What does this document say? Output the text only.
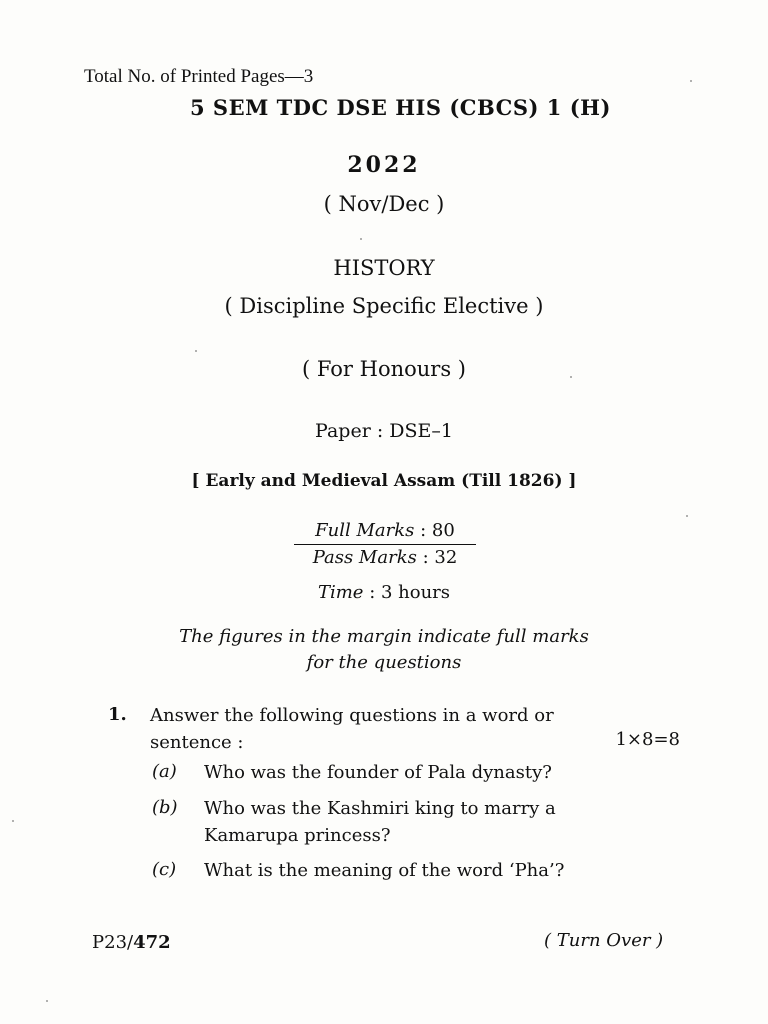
Total No. of Printed Pages—3
5 SEM TDC DSE HIS (CBCS) 1 (H)
2022
( Nov/Dec )
HISTORY
( Discipline Specific Elective )
( For Honours )
Paper : DSE–1
[ Early and Medieval Assam (Till 1826) ]
Full Marks : 80
Pass Marks : 32
Time : 3 hours
The figures in the margin indicate full marks
for the questions
1. Answer the following questions in a word or
sentence :	1×8=8
(a) Who was the founder of Pala dynasty?
(b) Who was the Kashmiri king to marry a
Kamarupa princess?
(c) What is the meaning of the word ‘Pha’?
P23/472	( Turn Over )
